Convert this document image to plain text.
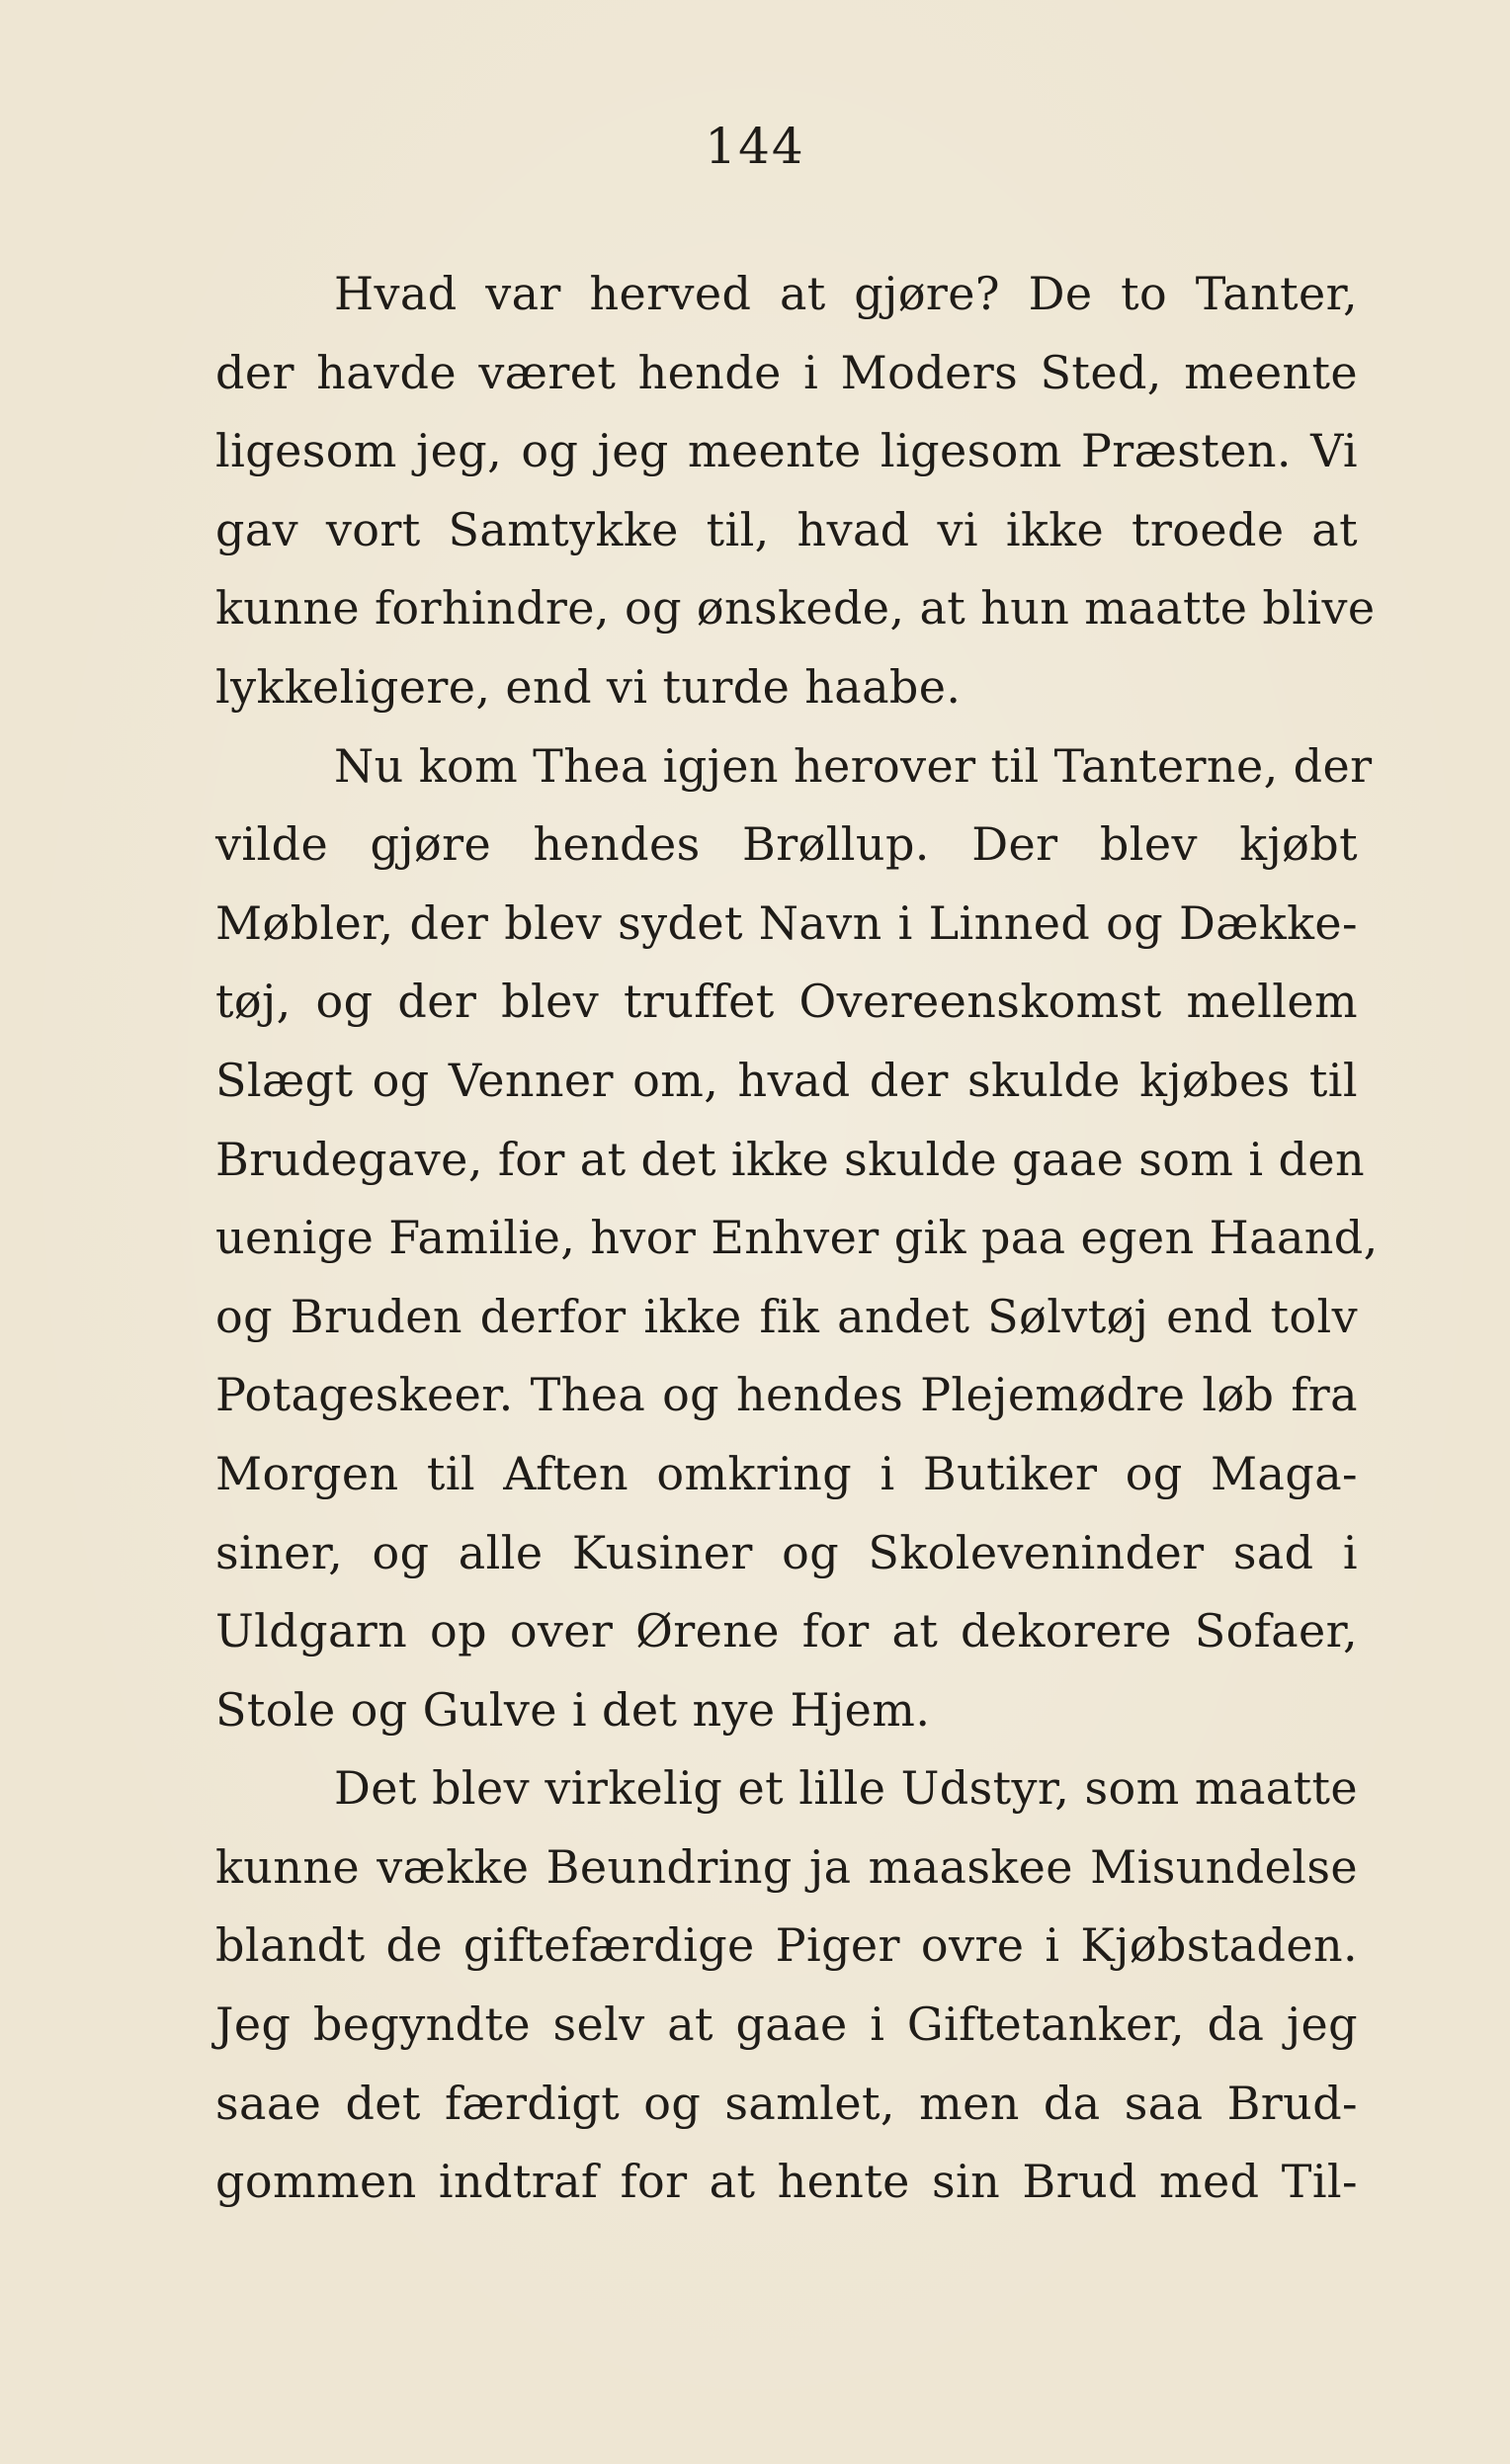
144
Hvad var herved at gjøre? De to Tanter,
der havde været hende i Moders Sted, meente
ligesom jeg, og jeg meente ligesom Præsten. Vi
gav vort Samtykke til, hvad vi ikke troede at
kunne forhindre, og ønskede, at hun maatte blive
lykkeligere, end vi turde haabe.
Nu kom Thea igjen herover til Tanterne, der
vilde gjøre hendes Brøllup. Der blev kjøbt
Møbler, der blev sydet Navn i Linned og Dække-
tøj, og der blev truffet Overeenskomst mellem
Slægt og Venner om, hvad der skulde kjøbes til
Brudegave, for at det ikke skulde gaae som i den
uenige Familie, hvor Enhver gik paa egen Haand,
og Bruden derfor ikke fik andet Sølvtøj end tolv
Potageskeer. Thea og hendes Plejemødre løb fra
Morgen til Aften omkring i Butiker og Maga-
siner, og alle Kusiner og Skoleveninder sad i
Uldgarn op over Ørene for at dekorere Sofaer,
Stole og Gulve i det nye Hjem.
Det blev virkelig et lille Udstyr, som maatte
kunne vække Beundring ja maaskee Misundelse
blandt de giftefærdige Piger ovre i Kjøbstaden.
Jeg begyndte selv at gaae i Giftetanker, da jeg
saae det færdigt og samlet, men da saa Brud-
gommen indtraf for at hente sin Brud med Til-
